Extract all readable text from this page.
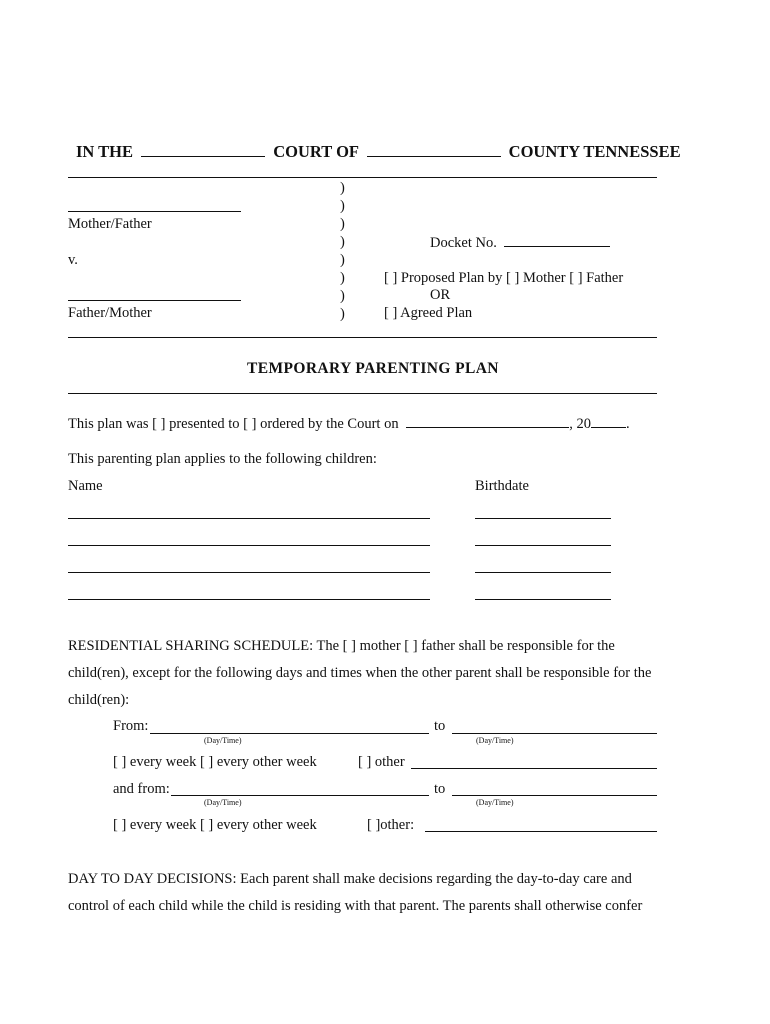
IN THE	COURT OF	COUNTY TENNESSEE
)
)
)
)
)
)
)
)
Mother/Father
v.
Father/Mother
Docket No.
[ ] Proposed Plan by [ ] Mother [ ] Father
OR
[ ] Agreed Plan
TEMPORARY PARENTING PLAN
This plan was [ ] presented to [ ] ordered by the Court on	, 20 .
This parenting plan applies to the following children:
Name	Birthdate
RESIDENTIAL SHARING SCHEDULE: The [ ] mother [ ] father shall be responsible for the
child(ren), except for the following days and times when the other parent shall be responsible for the
child(ren):
From:	to
(Day/Time)	(Day/Time)
[ ] every week [ ] every other week	[ ] other
and from:	to
(Day/Time)	(Day/Time)
[ ] every week [ ] every other week	[ ]other:
DAY TO DAY DECISIONS: Each parent shall make decisions regarding the day-to-day care and
control of each child while the child is residing with that parent. The parents shall otherwise confer
